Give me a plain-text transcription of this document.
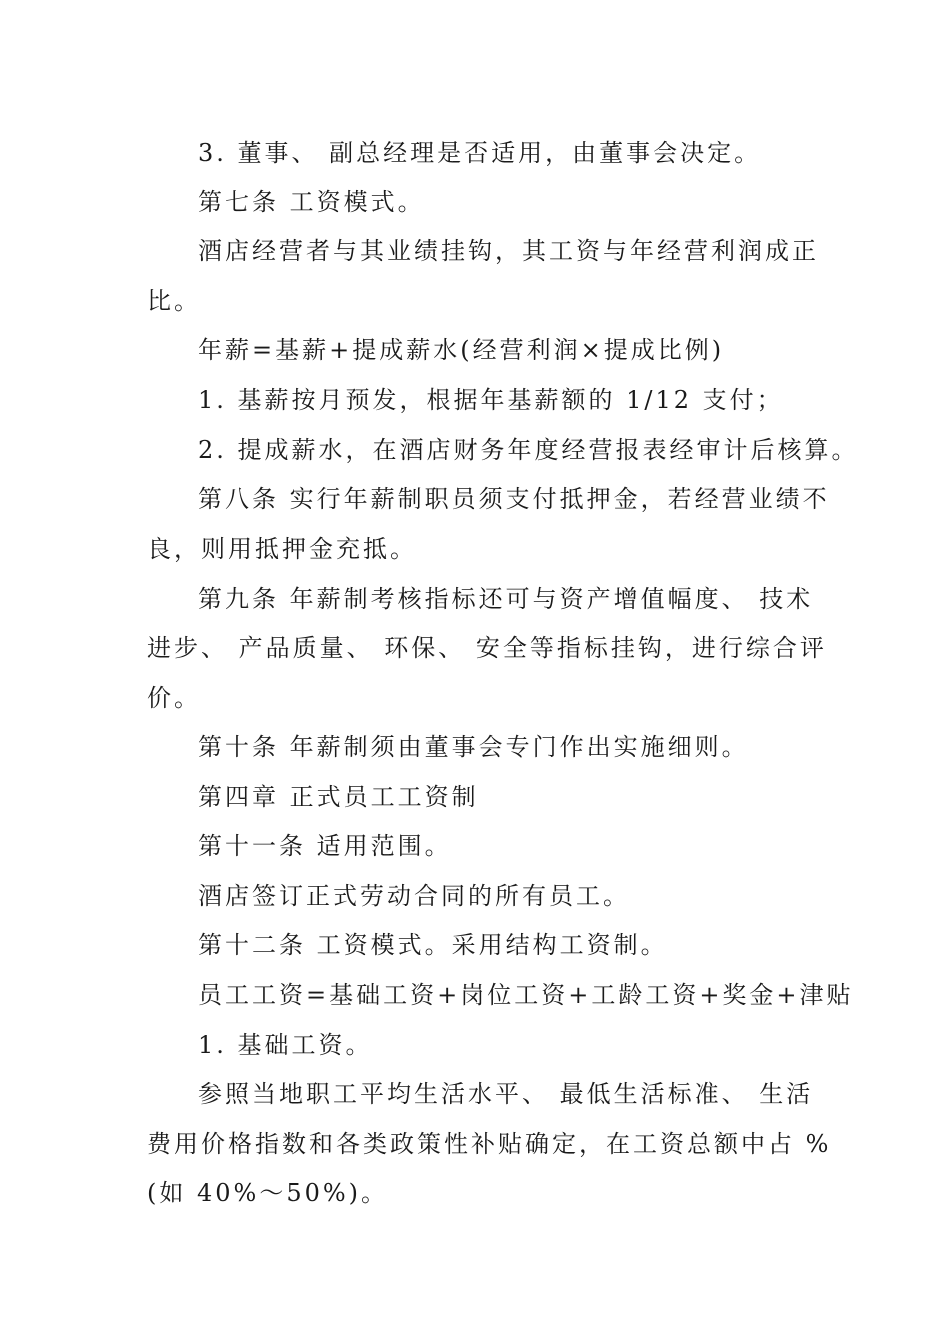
3. 董事、 副总经理是否适用，由董事会决定。
第七条 工资模式。
酒店经营者与其业绩挂钩，其工资与年经营利润成正
比。
年薪=基薪+提成薪水(经营利润×提成比例)
1. 基薪按月预发，根据年基薪额的 1/12 支付；
2. 提成薪水，在酒店财务年度经营报表经审计后核算。
第八条 实行年薪制职员须支付抵押金，若经营业绩不
良，则用抵押金充抵。
第九条 年薪制考核指标还可与资产增值幅度、 技术
进步、 产品质量、 环保、 安全等指标挂钩，进行综合评
价。
第十条 年薪制须由董事会专门作出实施细则。
第四章 正式员工工资制
第十一条 适用范围。
酒店签订正式劳动合同的所有员工。
第十二条 工资模式。采用结构工资制。
员工工资=基础工资+岗位工资+工龄工资+奖金+津贴
1. 基础工资。
参照当地职工平均生活水平、 最低生活标准、 生活
费用价格指数和各类政策性补贴确定，在工资总额中占 %
(如 40%～50%)。
